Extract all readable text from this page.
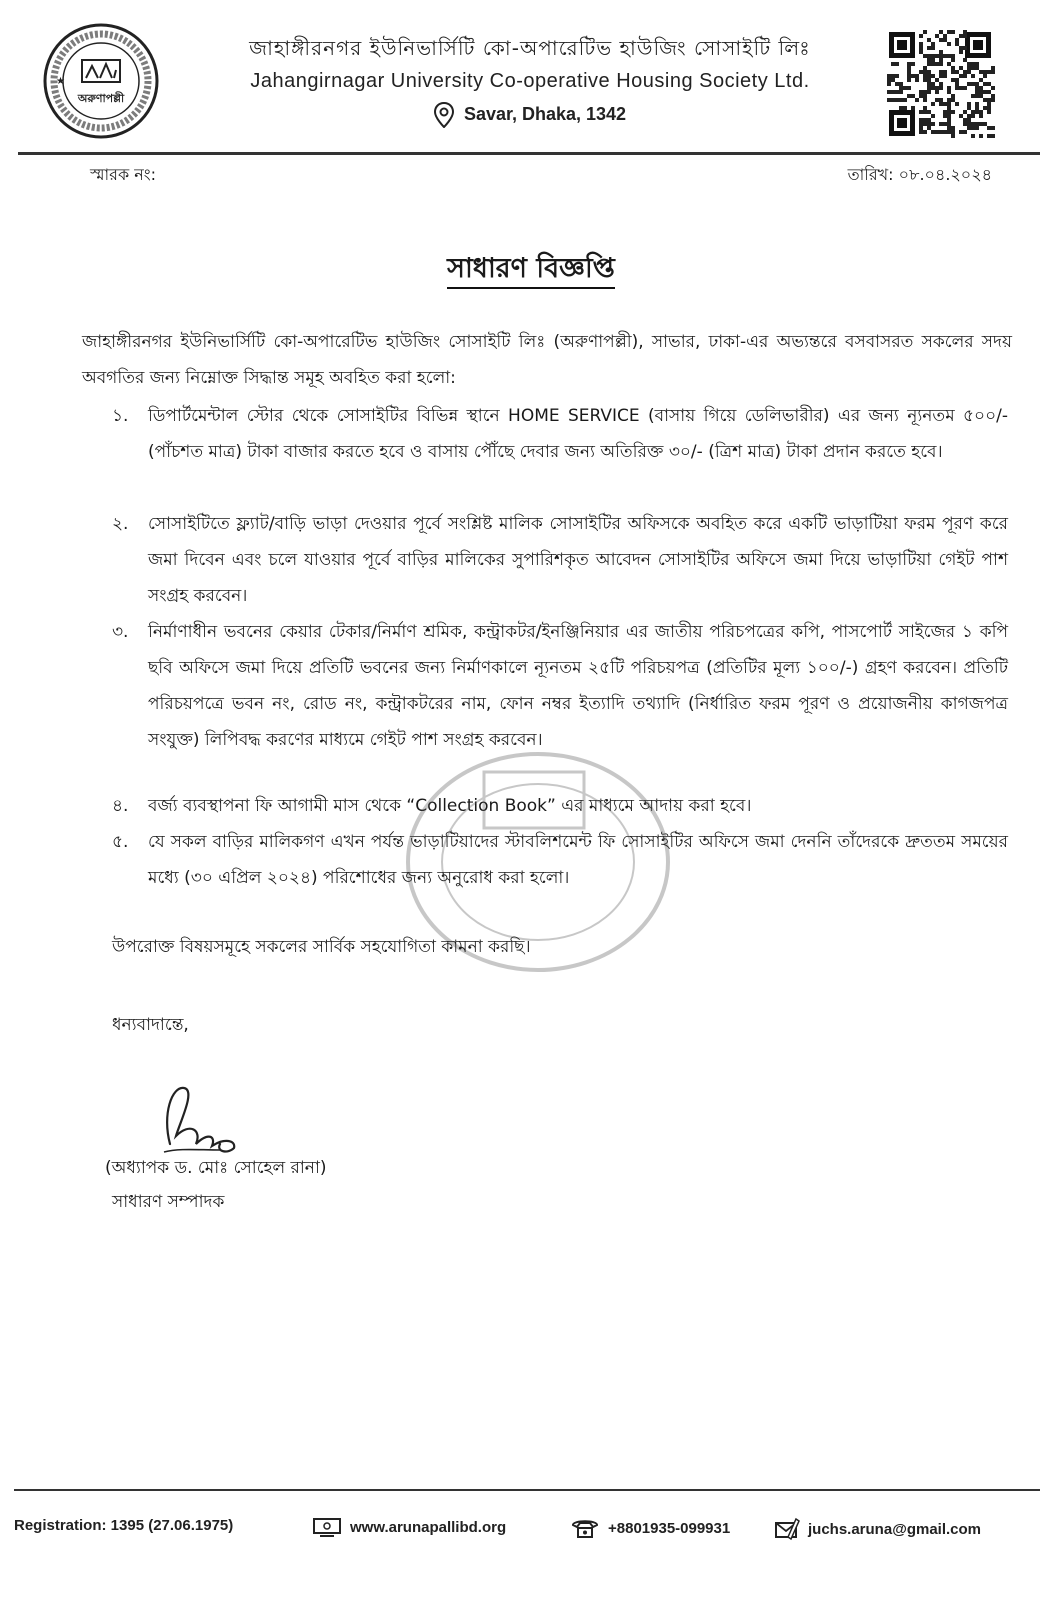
অরুণাপল্লী
★
জাহাঙ্গীরনগর ইউনিভার্সিটি কো-অপারেটিভ হাউজিং সোসাইটি লিঃ
Jahangirnagar University Co-operative Housing Society Ltd.
Savar, Dhaka, 1342
স্মারক নং:	তারিখ: ০৮.০৪.২০২৪
সাধারণ বিজ্ঞপ্তি
জাহাঙ্গীরনগর ইউনিভার্সিটি কো-অপারেটিভ হাউজিং সোসাইটি লিঃ (অরুণাপল্লী), সাভার, ঢাকা-এর অভ্যন্তরে বসবাসরত সকলের সদয় অবগতির জন্য নিম্নোক্ত সিদ্ধান্ত সমূহ অবহিত করা হলো:
১. ডিপার্টমেন্টাল স্টোর থেকে সোসাইটির বিভিন্ন স্থানে HOME SERVICE (বাসায় গিয়ে ডেলিভারীর) এর জন্য ন্যূনতম ৫০০/-(পাঁচশত মাত্র) টাকা বাজার করতে হবে ও বাসায় পৌঁছে দেবার জন্য অতিরিক্ত ৩০/- (ত্রিশ মাত্র) টাকা প্রদান করতে হবে।
২. সোসাইটিতে ফ্ল্যাট/বাড়ি ভাড়া দেওয়ার পূর্বে সংশ্লিষ্ট মালিক সোসাইটির অফিসকে অবহিত করে একটি ভাড়াটিয়া ফরম পূরণ করে জমা দিবেন এবং চলে যাওয়ার পূর্বে বাড়ির মালিকের সুপারিশকৃত আবেদন সোসাইটির অফিসে জমা দিয়ে ভাড়াটিয়া গেইট পাশ সংগ্রহ করবেন।
৩. নির্মাণাধীন ভবনের কেয়ার টেকার/নির্মাণ শ্রমিক, কন্ট্রাকটর/ইনঞ্জিনিয়ার এর জাতীয় পরিচপত্রের কপি, পাসপোর্ট সাইজের ১ কপি ছবি অফিসে জমা দিয়ে প্রতিটি ভবনের জন্য নির্মাণকালে ন্যূনতম ২৫টি পরিচয়পত্র (প্রতিটির মূল্য ১০০/-) গ্রহণ করবেন। প্রতিটি পরিচয়পত্রে ভবন নং, রোড নং, কন্ট্রাকটরের নাম, ফোন নম্বর ইত্যাদি তথ্যাদি (নির্ধারিত ফরম পূরণ ও প্রয়োজনীয় কাগজপত্র সংযুক্ত) লিপিবদ্ধ করণের মাধ্যমে গেইট পাশ সংগ্রহ করবেন।
৪. বর্জ্য ব্যবস্থাপনা ফি আগামী মাস থেকে “Collection Book” এর মাধ্যমে আদায় করা হবে।
৫. যে সকল বাড়ির মালিকগণ এখন পর্যন্ত ভাড়াটিয়াদের স্টাবলিশমেন্ট ফি সোসাইটির অফিসে জমা দেননি তাঁদেরকে দ্রুততম সময়ের মধ্যে (৩০ এপ্রিল ২০২৪) পরিশোধের জন্য অনুরোধ করা হলো।
উপরোক্ত বিষয়সমূহে সকলের সার্বিক সহযোগিতা কামনা করছি।
ধন্যবাদান্তে,
(অধ্যাপক ড. মোঃ সোহেল রানা)
সাধারণ সম্পাদক
Registration: 1395 (27.06.1975)	www.arunapallibd.org	+8801935-099931	juchs.aruna@gmail.com
